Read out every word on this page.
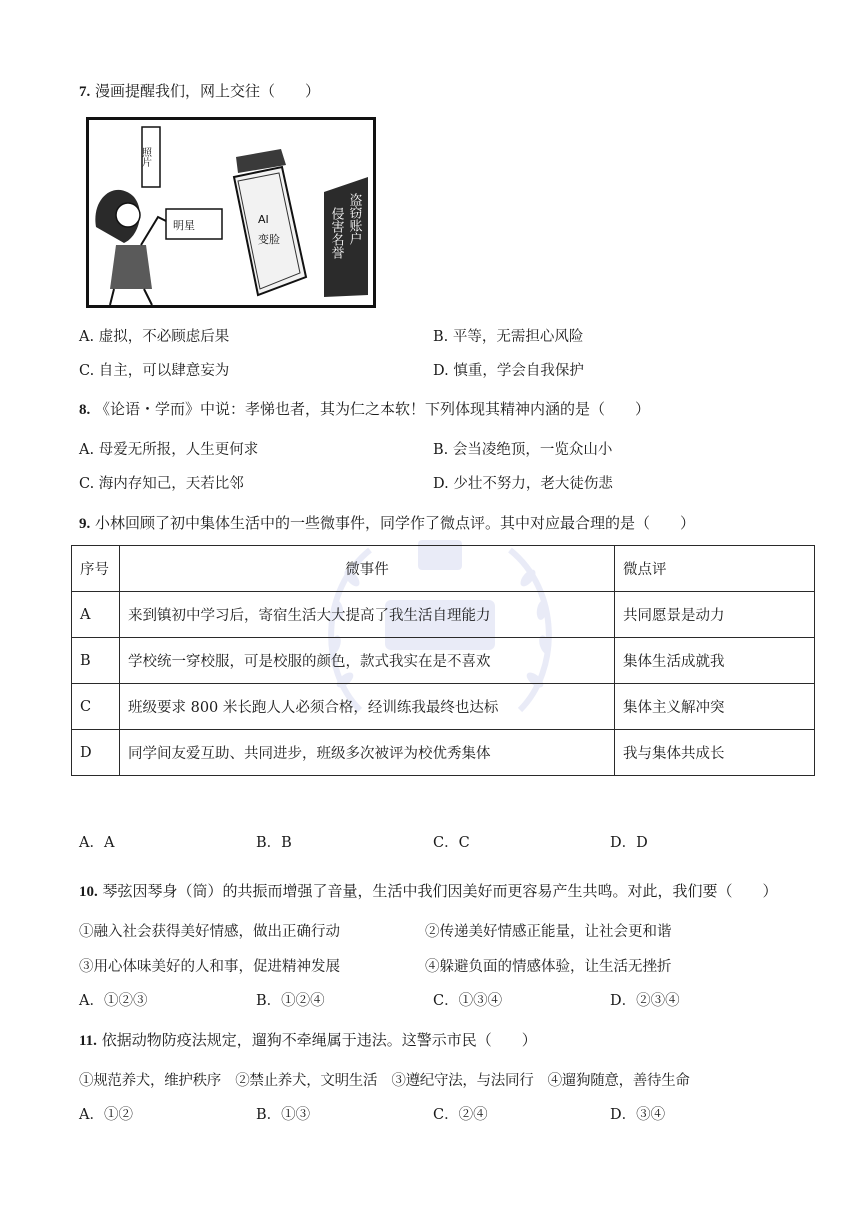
7. 漫画提醒我们，网上交往（　　）
明星
照片
AI
变脸	侵害名誉 盗窃账户
A. 虚拟，不必顾虑后果	B. 平等，无需担心风险
C. 自主，可以肆意妄为	D. 慎重，学会自我保护
8. 《论语・学而》中说：孝悌也者，其为仁之本软！下列体现其精神内涵的是（　　）
A. 母爱无所报，人生更何求	B. 会当凌绝顶，一览众山小
C. 海内存知己，天若比邻	D. 少壮不努力，老大徒伤悲
9. 小林回顾了初中集体生活中的一些微事件，同学作了微点评。其中对应最合理的是（　　）
序号	微事件	微点评
A	来到镇初中学习后，寄宿生活大大提高了我生活自理能力	共同愿景是动力
B	学校统一穿校服，可是校服的颜色，款式我实在是不喜欢	集体生活成就我
C	班级要求 800 米长跑人人必须合格，经训练我最终也达标	集体主义解冲突
D	同学间友爱互助、共同进步，班级多次被评为校优秀集体	我与集体共成长
A．A	B．B	C．C	D．D
10. 琴弦因琴身（筒）的共振而增强了音量，生活中我们因美好而更容易产生共鸣。对此，我们要（　　）
①融入社会获得美好情感，做出正确行动	②传递美好情感正能量，让社会更和谐
③用心体味美好的人和事，促进精神发展	④躲避负面的情感体验，让生活无挫折
A．①②③	B．①②④	C．①③④	D．②③④
11. 依据动物防疫法规定，遛狗不牵绳属于违法。这警示市民（　　）
①规范养犬，维护秩序　②禁止养犬，文明生活　③遵纪守法，与法同行　④遛狗随意，善待生命
A．①②	B．①③	C．②④	D．③④
